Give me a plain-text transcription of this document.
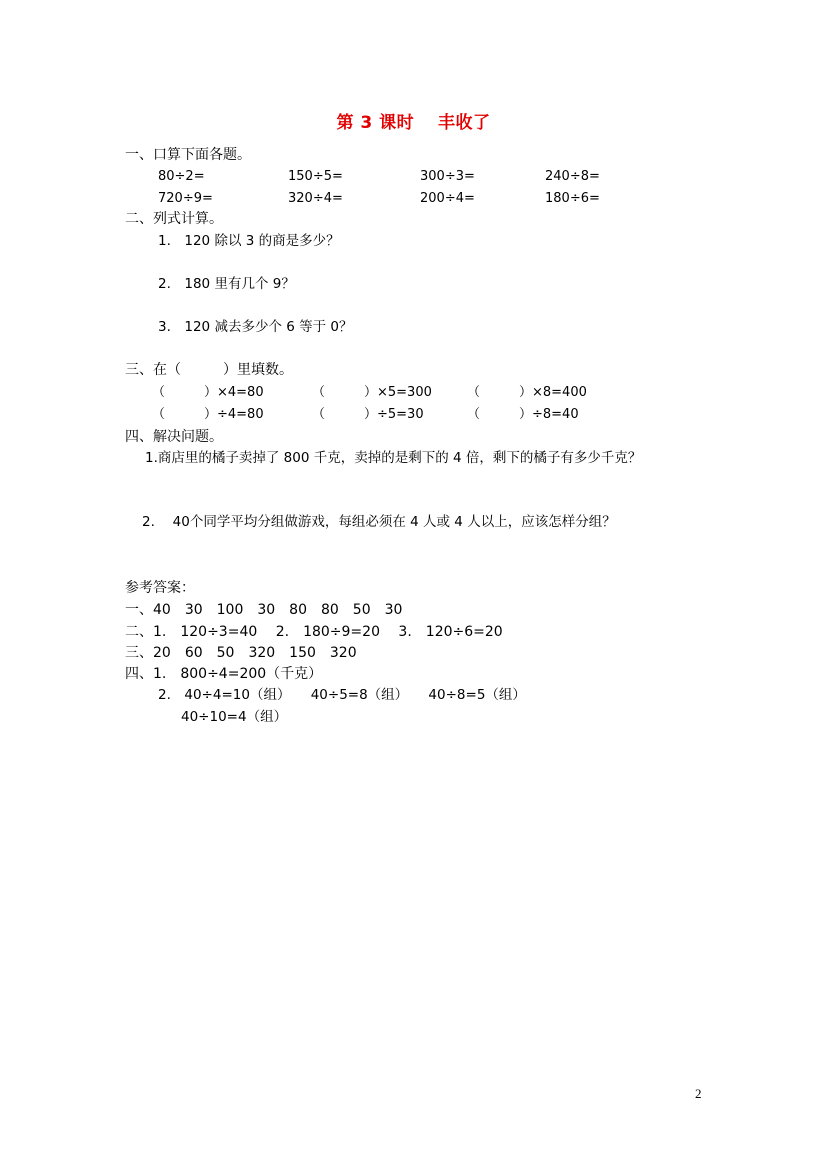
第 3 课时　 丰收了
一、口算下面各题。
80÷2=	150÷5=	300÷3=	240÷8=
720÷9=	320÷4=	200÷4=	180÷6=
二、列式计算。
1.　120 除以 3 的商是多少？
2.　180 里有几个 9？
3.　120 减去多少个 6 等于 0？
三、在（　　　）里填数。
（　　　）×4=80	（　　　）×5=300	（　　　）×8=400
（　　　）÷4=80	（　　　）÷5=30	（　　　）÷8=40
四、解决问题。
1.商店里的橘子卖掉了 800 千克，卖掉的是剩下的 4 倍，剩下的橘子有多少千克？
2.　 40个同学平均分组做游戏，每组必须在 4 人或 4 人以上，应该怎样分组？
参考答案：
一、40　30　100　30　80　80　50　30
二、1.　120÷3=40　 2.　180÷9=20　 3.　120÷6=20
三、20　60　50　320　150　320
四、1.　800÷4=200（千克）
2.　40÷4=10（组）　　40÷5=8（组）　　40÷8=5（组）
40÷10=4（组）
2
